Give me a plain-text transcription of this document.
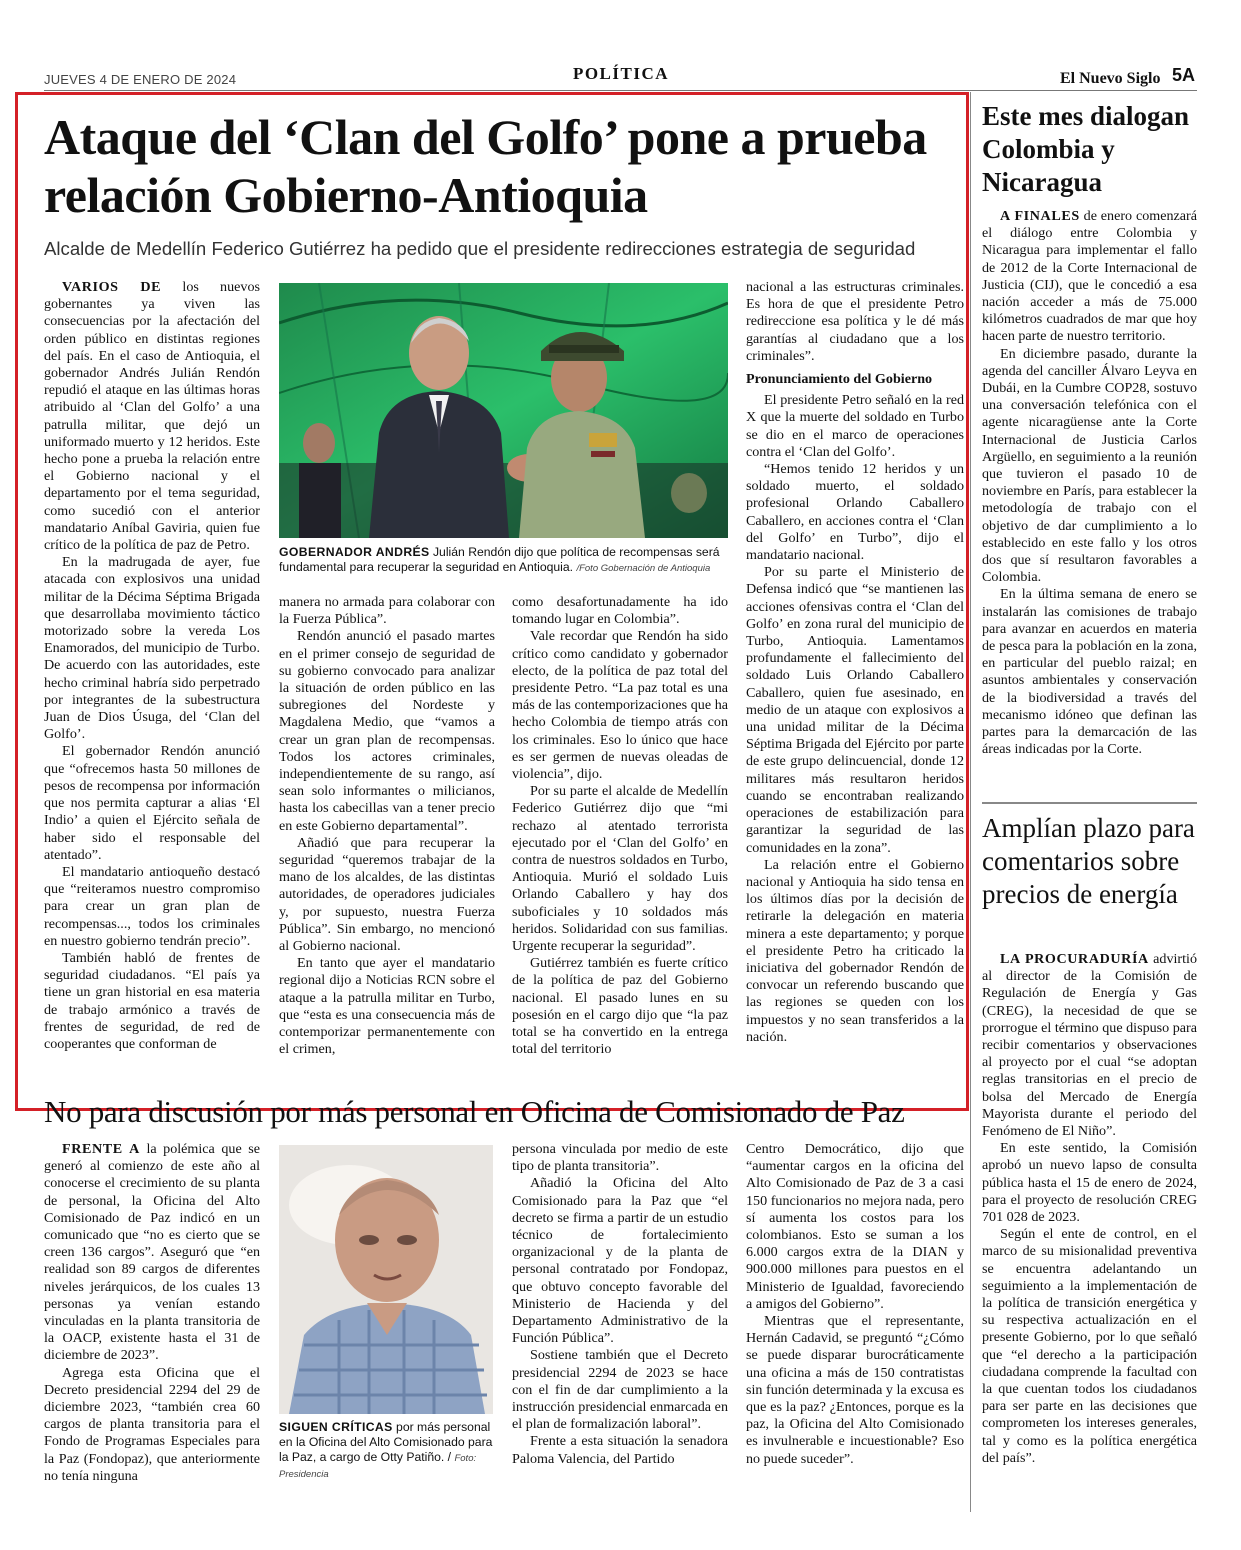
JUEVES 4 DE ENERO DE 2024	POLÍTICA	El Nuevo Siglo 5A
Ataque del ‘Clan del Golfo’ pone a prueba relación Gobierno-Antioquia
Alcalde de Medellín Federico Gutiérrez ha pedido que el presidente redirecciones estrategia de seguridad

VARIOS DE los nuevos gobernantes ya viven las consecuencias por la afectación del orden público en distintas regiones del país. En el caso de Antioquia, el gobernador Andrés Julián Rendón repudió el ataque en las últimas horas atribuido al ‘Clan del Golfo’ a una patrulla militar, que dejó un uniformado muerto y 12 heridos. Este hecho pone a prueba la relación entre el Gobierno nacional y el departamento por el tema seguridad, como sucedió con el anterior mandatario Aníbal Gaviria, quien fue crítico de la política de paz de Petro.

En la madrugada de ayer, fue atacada con explosivos una unidad militar de la Décima Séptima Brigada que desarrollaba movimiento táctico motorizado sobre la vereda Los Enamorados, del municipio de Turbo. De acuerdo con las autoridades, este hecho criminal habría sido perpetrado por integrantes de la subestructura Juan de Dios Úsuga, del ‘Clan del Golfo’.

El gobernador Rendón anunció que “ofrecemos hasta 50 millones de pesos de recompensa por información que nos permita capturar a alias ‘El Indio’ a quien el Ejército señala de haber sido el responsable del atentado”.

El mandatario antioqueño destacó que “reiteramos nuestro compromiso para crear un gran plan de recompensas..., todos los criminales en nuestro gobierno tendrán precio”.

También habló de frentes de seguridad ciudadanos. “El país ya tiene un gran historial en esa materia de trabajo armónico a través de frentes de seguridad, de red de cooperantes que conforman de

GOBERNADOR ANDRÉS Julián Rendón dijo que política de recompensas será fundamental para recuperar la seguridad en Antioquia. /Foto Gobernación de Antioquia

manera no armada para colaborar con la Fuerza Pública”.

Rendón anunció el pasado martes en el primer consejo de seguridad de su gobierno convocado para analizar la situación de orden público en las subregiones del Nordeste y Magdalena Medio, que “vamos a crear un gran plan de recompensas. Todos los actores criminales, independientemente de su rango, así sean solo informantes o milicianos, hasta los cabecillas van a tener precio en este Gobierno departamental”.

Añadió que para recuperar la seguridad “queremos trabajar de la mano de los alcaldes, de las distintas autoridades, de operadores judiciales y, por supuesto, nuestra Fuerza Pública”. Sin embargo, no mencionó al Gobierno nacional.

En tanto que ayer el mandatario regional dijo a Noticias RCN sobre el ataque a la patrulla militar en Turbo, que “esta es una consecuencia más de contemporizar permanentemente con el crimen,

como desafortunadamente ha ido tomando lugar en Colombia”.

Vale recordar que Rendón ha sido crítico como candidato y gobernador electo, de la política de paz total del presidente Petro. “La paz total es una más de las contemporizaciones que ha hecho Colombia de tiempo atrás con los criminales. Eso lo único que hace es ser germen de nuevas oleadas de violencia”, dijo.

Por su parte el alcalde de Medellín Federico Gutiérrez dijo que “mi rechazo al atentado terrorista ejecutado por el ‘Clan del Golfo’ en contra de nuestros soldados en Turbo, Antioquia. Murió el soldado Luis Orlando Caballero y hay dos suboficiales y 10 soldados más heridos. Solidaridad con sus familias. Urgente recuperar la seguridad”.

Gutiérrez también es fuerte crítico de la política de paz del Gobierno nacional. El pasado lunes en su posesión en el cargo dijo que “la paz total se ha convertido en la entrega total del territorio

nacional a las estructuras criminales. Es hora de que el presidente Petro redireccione esa política y le dé más garantías al ciudadano que a los criminales”.

Pronunciamiento del Gobierno

El presidente Petro señaló en la red X que la muerte del soldado en Turbo se dio en el marco de operaciones contra el ‘Clan del Golfo’.

“Hemos tenido 12 heridos y un soldado muerto, el soldado profesional Orlando Caballero Caballero, en acciones contra el ‘Clan del Golfo’ en Turbo”, dijo el mandatario nacional.

Por su parte el Ministerio de Defensa indicó que “se mantienen las acciones ofensivas contra el ‘Clan del Golfo’ en zona rural del municipio de Turbo, Antioquia. Lamentamos profundamente el fallecimiento del soldado Luis Orlando Caballero Caballero, quien fue asesinado, en medio de un ataque con explosivos a una unidad militar de la Décima Séptima Brigada del Ejército por parte de este grupo delincuencial, donde 12 militares más resultaron heridos cuando se encontraban realizando operaciones de estabilización para garantizar la seguridad de las comunidades en la zona”.

La relación entre el Gobierno nacional y Antioquia ha sido tensa en los últimos días por la decisión de retirarle la delegación en materia minera a este departamento; y porque el presidente Petro ha criticado la iniciativa del gobernador Rendón de convocar un referendo buscando que las regiones se queden con los impuestos y no sean transferidos a la nación.

No para discusión por más personal en Oficina de Comisionado de Paz

FRENTE A la polémica que se generó al comienzo de este año al conocerse el crecimiento de su planta de personal, la Oficina del Alto Comisionado de Paz indicó en un comunicado que “no es cierto que se creen 136 cargos”. Aseguró que “en realidad son 89 cargos de diferentes niveles jerárquicos, de los cuales 13 personas ya venían estando vinculadas en la planta transitoria de la OACP, existente hasta el 31 de diciembre de 2023”.

Agrega esta Oficina que el Decreto presidencial 2294 del 29 de diciembre 2023, “también crea 60 cargos de planta transitoria para el Fondo de Programas Especiales para la Paz (Fondopaz), que anteriormente no tenía ninguna

SIGUEN CRÍTICAS por más personal en la Oficina del Alto Comisionado para la Paz, a cargo de Otty Patiño. / Foto: Presidencia

persona vinculada por medio de este tipo de planta transitoria”.

Añadió la Oficina del Alto Comisionado para la Paz que “el decreto se firma a partir de un estudio técnico de fortalecimiento organizacional y de la planta de personal contratado por Fondopaz, que obtuvo concepto favorable del Ministerio de Hacienda y del Departamento Administrativo de la Función Pública”.

Sostiene también que el Decreto presidencial 2294 de 2023 se hace con el fin de dar cumplimiento a la instrucción presidencial enmarcada en el plan de formalización laboral”.

Frente a esta situación la senadora Paloma Valencia, del Partido

Centro Democrático, dijo que “aumentar cargos en la oficina del Alto Comisionado de Paz de 3 a casi 150 funcionarios no mejora nada, pero sí aumenta los costos para los colombianos. Esto se suman a los 6.000 cargos extra de la DIAN y 900.000 millones para puestos en el Ministerio de Igualdad, favoreciendo a amigos del Gobierno”.

Mientras que el representante, Hernán Cadavid, se preguntó “¿Cómo se puede disparar burocráticamente una oficina a más de 150 contratistas sin función determinada y la excusa es que es la paz? ¿Entonces, porque es la paz, la Oficina del Alto Comisionado es invulnerable e incuestionable? Eso no puede suceder”.

Este mes dialogan Colombia y Nicaragua

A FINALES de enero comenzará el diálogo entre Colombia y Nicaragua para implementar el fallo de 2012 de la Corte Internacional de Justicia (CIJ), que le concedió a esa nación acceder a más de 75.000 kilómetros cuadrados de mar que hoy hacen parte de nuestro territorio.

En diciembre pasado, durante la agenda del canciller Álvaro Leyva en Dubái, en la Cumbre COP28, sostuvo una conversación telefónica con el agente nicaragüense ante la Corte Internacional de Justicia Carlos Argüello, en seguimiento a la reunión que tuvieron el pasado 10 de noviembre en París, para establecer la metodología de trabajo con el objetivo de dar cumplimiento a lo establecido en este fallo y los otros dos que sí resultaron favorables a Colombia.

En la última semana de enero se instalarán las comisiones de trabajo para avanzar en acuerdos en materia de pesca para la población en la zona, en particular del pueblo raizal; en asuntos ambientales y conservación de la biodiversidad a través del mecanismo idóneo que definan las partes para la demarcación de las áreas indicadas por la Corte.

Amplían plazo para comentarios sobre precios de energía

LA PROCURADURÍA advirtió al director de la Comisión de Regulación de Energía y Gas (CREG), la necesidad de que se prorrogue el término que dispuso para recibir comentarios y observaciones al proyecto por el cual “se adoptan reglas transitorias en el precio de bolsa del Mercado de Energía Mayorista durante el periodo del Fenómeno de El Niño”.

En este sentido, la Comisión aprobó un nuevo lapso de consulta pública hasta el 15 de enero de 2024, para el proyecto de resolución CREG 701 028 de 2023.

Según el ente de control, en el marco de su misionalidad preventiva se encuentra adelantando un seguimiento a la implementación de la política de transición energética y su respectiva actualización en el presente Gobierno, por lo que señaló que “el derecho a la participación ciudadana comprende la facultad con la que cuentan todos los ciudadanos para ser parte en las decisiones que comprometen los intereses generales, tal y como es la política energética del país”.
